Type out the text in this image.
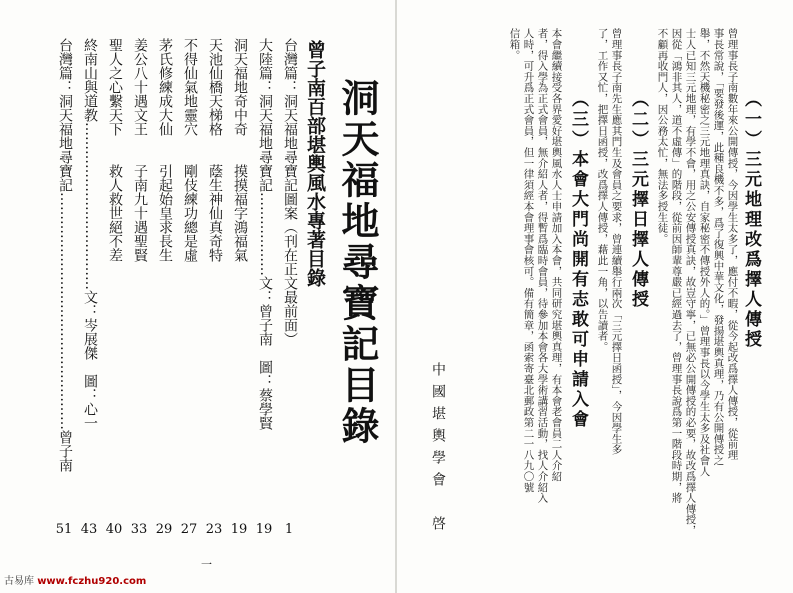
洞天福地尋寶記目錄
曾子南百部堪輿風水專著目錄
台灣篇：洞天福地尋寶記圖案（刊在正文最前面）
大陸篇：洞天福地尋寶記………………文：曾子南　圖：蔡學賢
洞天福地奇中奇　　摸摸福字鴻福氣
天池仙橋天梯格　　蔭生神仙真奇特
不得仙氣地靈穴　　剛伎練功總是虛
茅氏修練成大仙　　引起始皇求長生
姜公八十遇文王　　子南九十遇聖賢
聖人之心繫天下　　救人救世絕不差
終南山與道教………………………………文：岑展傑　圖：心一
台灣篇：洞天福地尋寶記……………………………………………曾子南
1
19
19
23
27
29
33
40
43
51
一
（一）三元地理改爲擇人傳授
曾理事長子南數年來公開傳授，今因學生太多了，應付不暇，從今起改爲擇人傳授，從前理
事長常說，「要發後運，此種良機不多，爲了復興中華文化，發揚堪輿真理，乃有公開傳授之
舉，不然天機秘密之三元地理真訣，自家秘密不傳授外人的。」曾理事長以今學生太多及社會人
士人已知三元地理，有學不會，用之公安傳授真訣，故豈守寧，已無必公開傳授的必要，故改爲擇人傳授，
因從「鴻非其人，道不虛傳」的階段，從前因師輩尊嚴已經過去了，曾理事長說爲第一階段時期，將
不顧再收門人，因公務太忙，無法多授生徒。
（二）三元擇日擇人傳授
曾理事長子南先生應其門生及會員之要求，曾連續舉行兩次「三元擇日函授」，今因學生多
了，工作又忙，把擇日函授，改爲擇人傳授，藉此一角，以告讀者。
（三）本會大門尚開有志敢可申請入會
本會繼續接受各界愛好堪輿風水人士申請加入本會，共同研究堪輿真理，有本會老會員二人介紹
者，得入學為正式會員，無介紹人者，得暫爲臨時會員，待參加本會各大學術講習活動，找人介紹入
人時，可升爲正式會員，但一律須經本會理事會核可。備有簡章，函索寄臺北郵政第二一八九〇號
信箱。
中國堪輿學會　啓
古易库 www.fczhu920.com
